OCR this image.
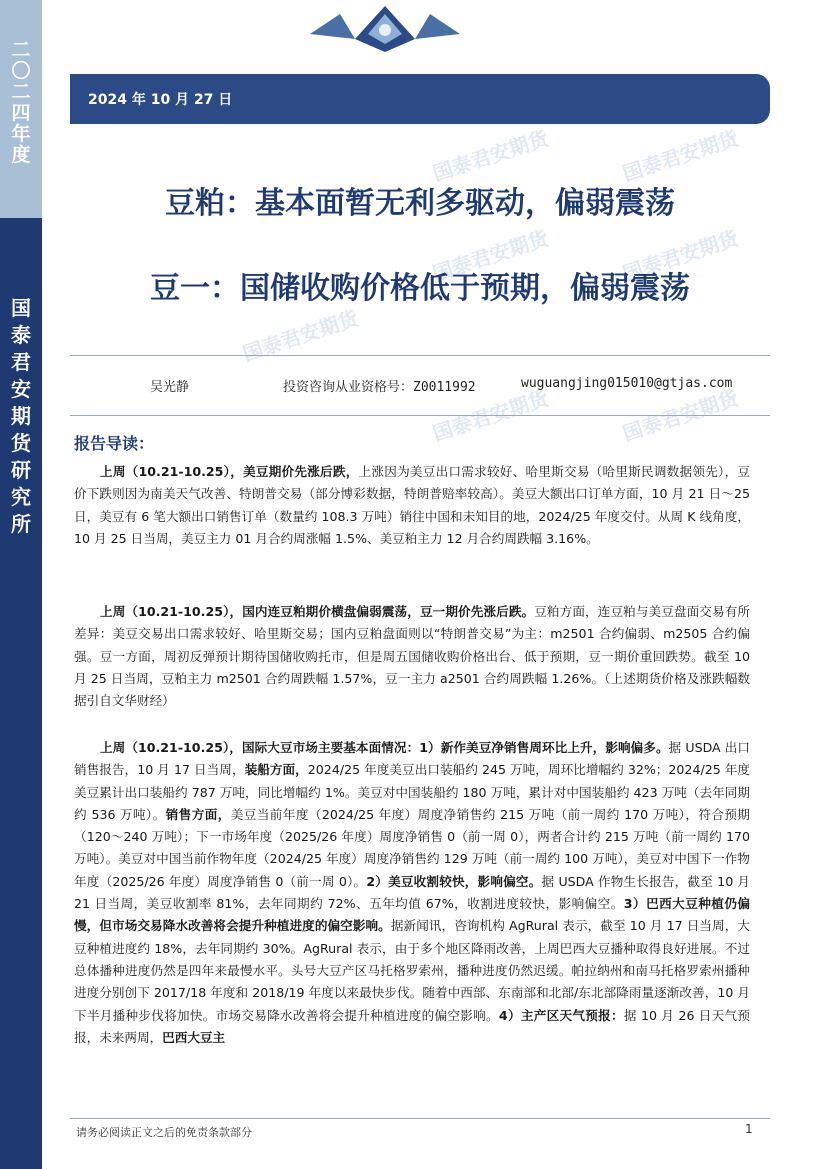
二
〇
二
四
年
度
国
泰
君
安
期
货
研
究
所
2024 年 10 月 27 日
国泰君安期货	国泰君安期货
国泰君安期货	国泰君安期货
国泰君安期货
国泰君安期货	国泰君安期货
豆粕：基本面暂无利多驱动，偏弱震荡
豆一：国储收购价格低于预期，偏弱震荡
吴光静	投资咨询从业资格号：Z0011992	wuguangjing015010@gtjas.com
报告导读：

上周（10.21-10.25），美豆期价先涨后跌，上涨因为美豆出口需求较好、哈里斯交易（哈里斯民调数据领先），豆价下跌则因为南美天气改善、特朗普交易（部分博彩数据，特朗普赔率较高）。美豆大额出口订单方面，10 月 21 日～25 日，美豆有 6 笔大额出口销售订单（数量约 108.3 万吨）销往中国和未知目的地，2024/25 年度交付。从周 K 线角度，10 月 25 日当周，美豆主力 01 月合约周涨幅 1.5%、美豆粕主力 12 月合约周跌幅 3.16%。

上周（10.21-10.25），国内连豆粕期价横盘偏弱震荡，豆一期价先涨后跌。豆粕方面，连豆粕与美豆盘面交易有所差异：美豆交易出口需求较好、哈里斯交易；国内豆粕盘面则以“特朗普交易”为主：m2501 合约偏弱、m2505 合约偏强。豆一方面，周初反弹预计期待国储收购托市，但是周五国储收购价格出台、低于预期，豆一期价重回跌势。截至 10 月 25 日当周，豆粕主力 m2501 合约周跌幅 1.57%，豆一主力 a2501 合约周跌幅 1.26%。（上述期货价格及涨跌幅数据引自文华财经）

上周（10.21-10.25），国际大豆市场主要基本面情况：1）新作美豆净销售周环比上升，影响偏多。据 USDA 出口销售报告，10 月 17 日当周，装船方面，2024/25 年度美豆出口装船约 245 万吨，周环比增幅约 32%；2024/25 年度美豆累计出口装船约 787 万吨，同比增幅约 1%。美豆对中国装船约 180 万吨，累计对中国装船约 423 万吨（去年同期约 536 万吨）。销售方面，美豆当前年度（2024/25 年度）周度净销售约 215 万吨（前一周约 170 万吨），符合预期（120～240 万吨）；下一市场年度（2025/26 年度）周度净销售 0（前一周 0），两者合计约 215 万吨（前一周约 170 万吨）。美豆对中国当前作物年度（2024/25 年度）周度净销售约 129 万吨（前一周约 100 万吨），美豆对中国下一作物年度（2025/26 年度）周度净销售 0（前一周 0）。2）美豆收割较快，影响偏空。据 USDA 作物生长报告，截至 10 月 21 日当周，美豆收割率 81%，去年同期约 72%、五年均值 67%，收割进度较快，影响偏空。3）巴西大豆种植仍偏慢，但市场交易降水改善将会提升种植进度的偏空影响。据新闻讯，咨询机构 AgRural 表示，截至 10 月 17 日当周，大豆种植进度约 18%，去年同期约 30%。AgRural 表示，由于多个地区降雨改善，上周巴西大豆播种取得良好进展。不过总体播种进度仍然是四年来最慢水平。头号大豆产区马托格罗索州，播种进度仍然迟缓。帕拉纳州和南马托格罗索州播种进度分别创下 2017/18 年度和 2018/19 年度以来最快步伐。随着中西部、东南部和北部/东北部降雨量逐渐改善，10 月下半月播种步伐将加快。市场交易降水改善将会提升种植进度的偏空影响。4）主产区天气预报：据 10 月 26 日天气预报，未来两周，巴西大豆主

请务必阅读正文之后的免责条款部分	1
